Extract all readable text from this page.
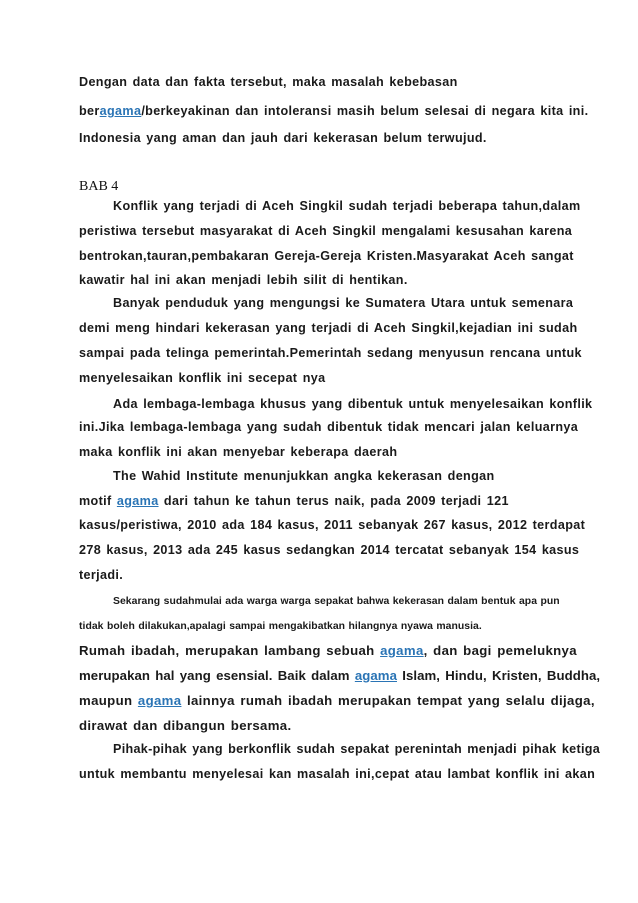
Dengan data dan fakta tersebut, maka masalah kebebasan
beragama/berkeyakinan dan intoleransi masih belum selesai di negara kita ini.
Indonesia yang aman dan jauh dari kekerasan belum terwujud.
BAB 4
Konflik yang terjadi di Aceh Singkil sudah terjadi beberapa tahun,dalam
peristiwa tersebut masyarakat di Aceh Singkil mengalami kesusahan karena
bentrokan,tauran,pembakaran Gereja-Gereja Kristen.Masyarakat Aceh sangat
kawatir hal ini akan menjadi lebih silit di hentikan.
Banyak penduduk yang mengungsi ke Sumatera Utara untuk semenara
demi meng hindari kekerasan yang terjadi di Aceh Singkil,kejadian ini sudah
sampai pada telinga pemerintah.Pemerintah sedang menyusun rencana untuk
menyelesaikan konflik ini secepat nya
Ada lembaga-lembaga khusus yang dibentuk untuk menyelesaikan konflik
ini.Jika lembaga-lembaga yang sudah dibentuk tidak mencari jalan keluarnya
maka konflik ini akan menyebar keberapa daerah
The Wahid Institute menunjukkan angka kekerasan dengan
motif agama dari tahun ke tahun terus naik, pada 2009 terjadi 121
kasus/peristiwa, 2010 ada 184 kasus, 2011 sebanyak 267 kasus, 2012 terdapat
278 kasus, 2013 ada 245 kasus sedangkan 2014 tercatat sebanyak 154 kasus
terjadi.
Sekarang sudahmulai ada warga warga sepakat bahwa kekerasan dalam bentuk apa pun
tidak boleh dilakukan,apalagi sampai mengakibatkan hilangnya nyawa manusia.
Rumah ibadah, merupakan lambang sebuah agama, dan bagi pemeluknya
merupakan hal yang esensial. Baik dalam agama Islam, Hindu, Kristen, Buddha,
maupun agama lainnya rumah ibadah merupakan tempat yang selalu dijaga,
dirawat dan dibangun bersama.
Pihak-pihak yang berkonflik sudah sepakat perenintah menjadi pihak ketiga
untuk membantu menyelesai kan masalah ini,cepat atau lambat konflik ini akan
